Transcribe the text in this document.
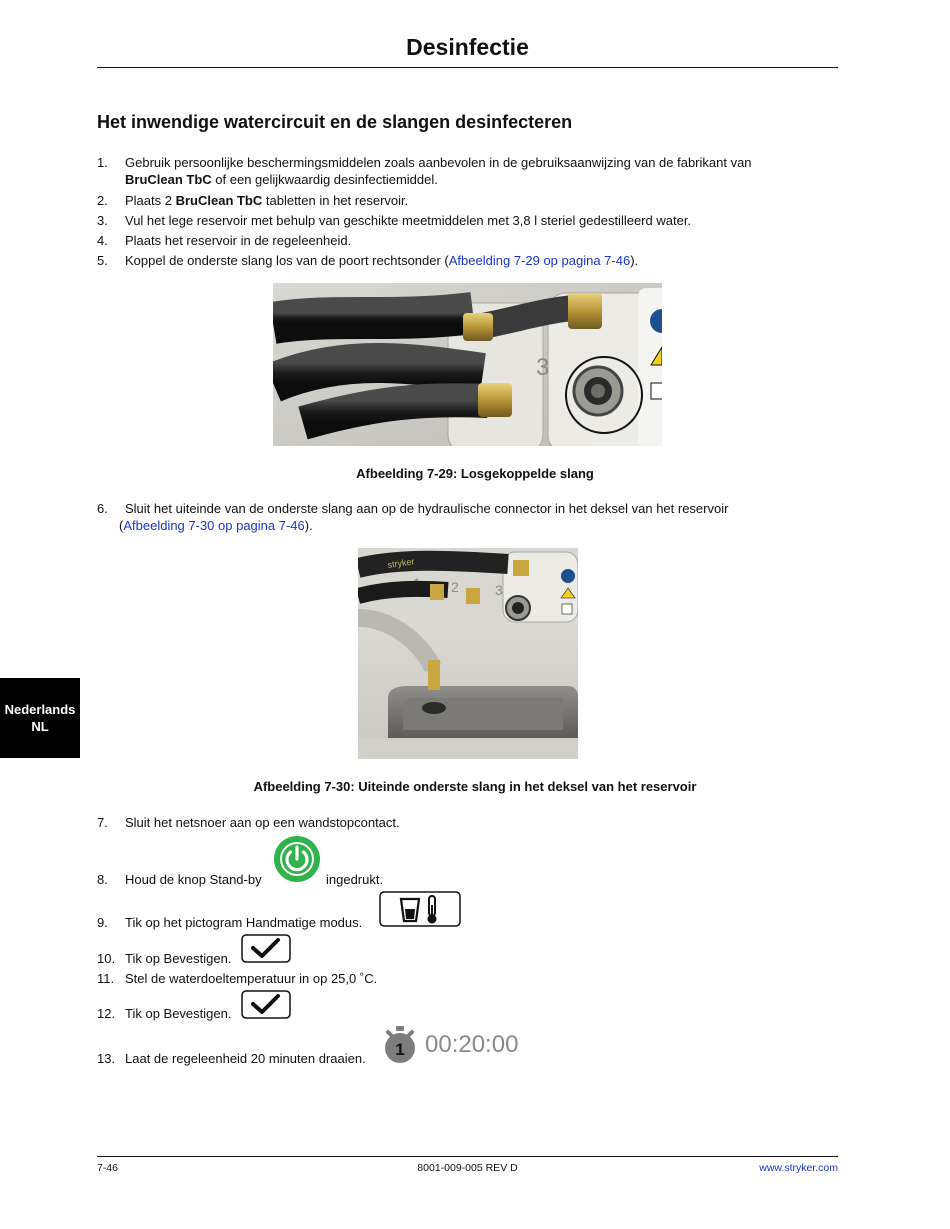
Desinfectie
Het inwendige watercircuit en de slangen desinfecteren
1.	Gebruik persoonlijke beschermingsmiddelen zoals aanbevolen in de gebruiksaanwijzing van de fabrikant van
BruClean TbC of een gelijkwaardig desinfectiemiddel.
2.	Plaats 2 BruClean TbC tabletten in het reservoir.
3.	Vul het lege reservoir met behulp van geschikte meetmiddelen met 3,8 l steriel gedestilleerd water.
4.	Plaats het reservoir in de regeleenheid.
5.	Koppel de onderste slang los van de poort rechtsonder (Afbeelding 7-29 op pagina 7-46).
2	3
Afbeelding 7-29: Losgekoppelde slang
6.	Sluit het uiteinde van de onderste slang aan op de hydraulische connector in het deksel van het reservoir
(Afbeelding 7-30 op pagina 7-46).
1 2	3
stryker
Afbeelding 7-30: Uiteinde onderste slang in het deksel van het reservoir
Nederlands
NL
7.	Sluit het netsnoer aan op een wandstopcontact.
8.	Houd de knop Stand-by	ingedrukt.
9.	Tik op het pictogram Handmatige modus.
10. Tik op Bevestigen.
11. Stel de waterdoeltemperatuur in op 25,0 ˚C.
12. Tik op Bevestigen.
13. Laat de regeleenheid 20 minuten draaien. 1 00:20:00
7-46	8001-009-005 REV D	www.stryker.com
